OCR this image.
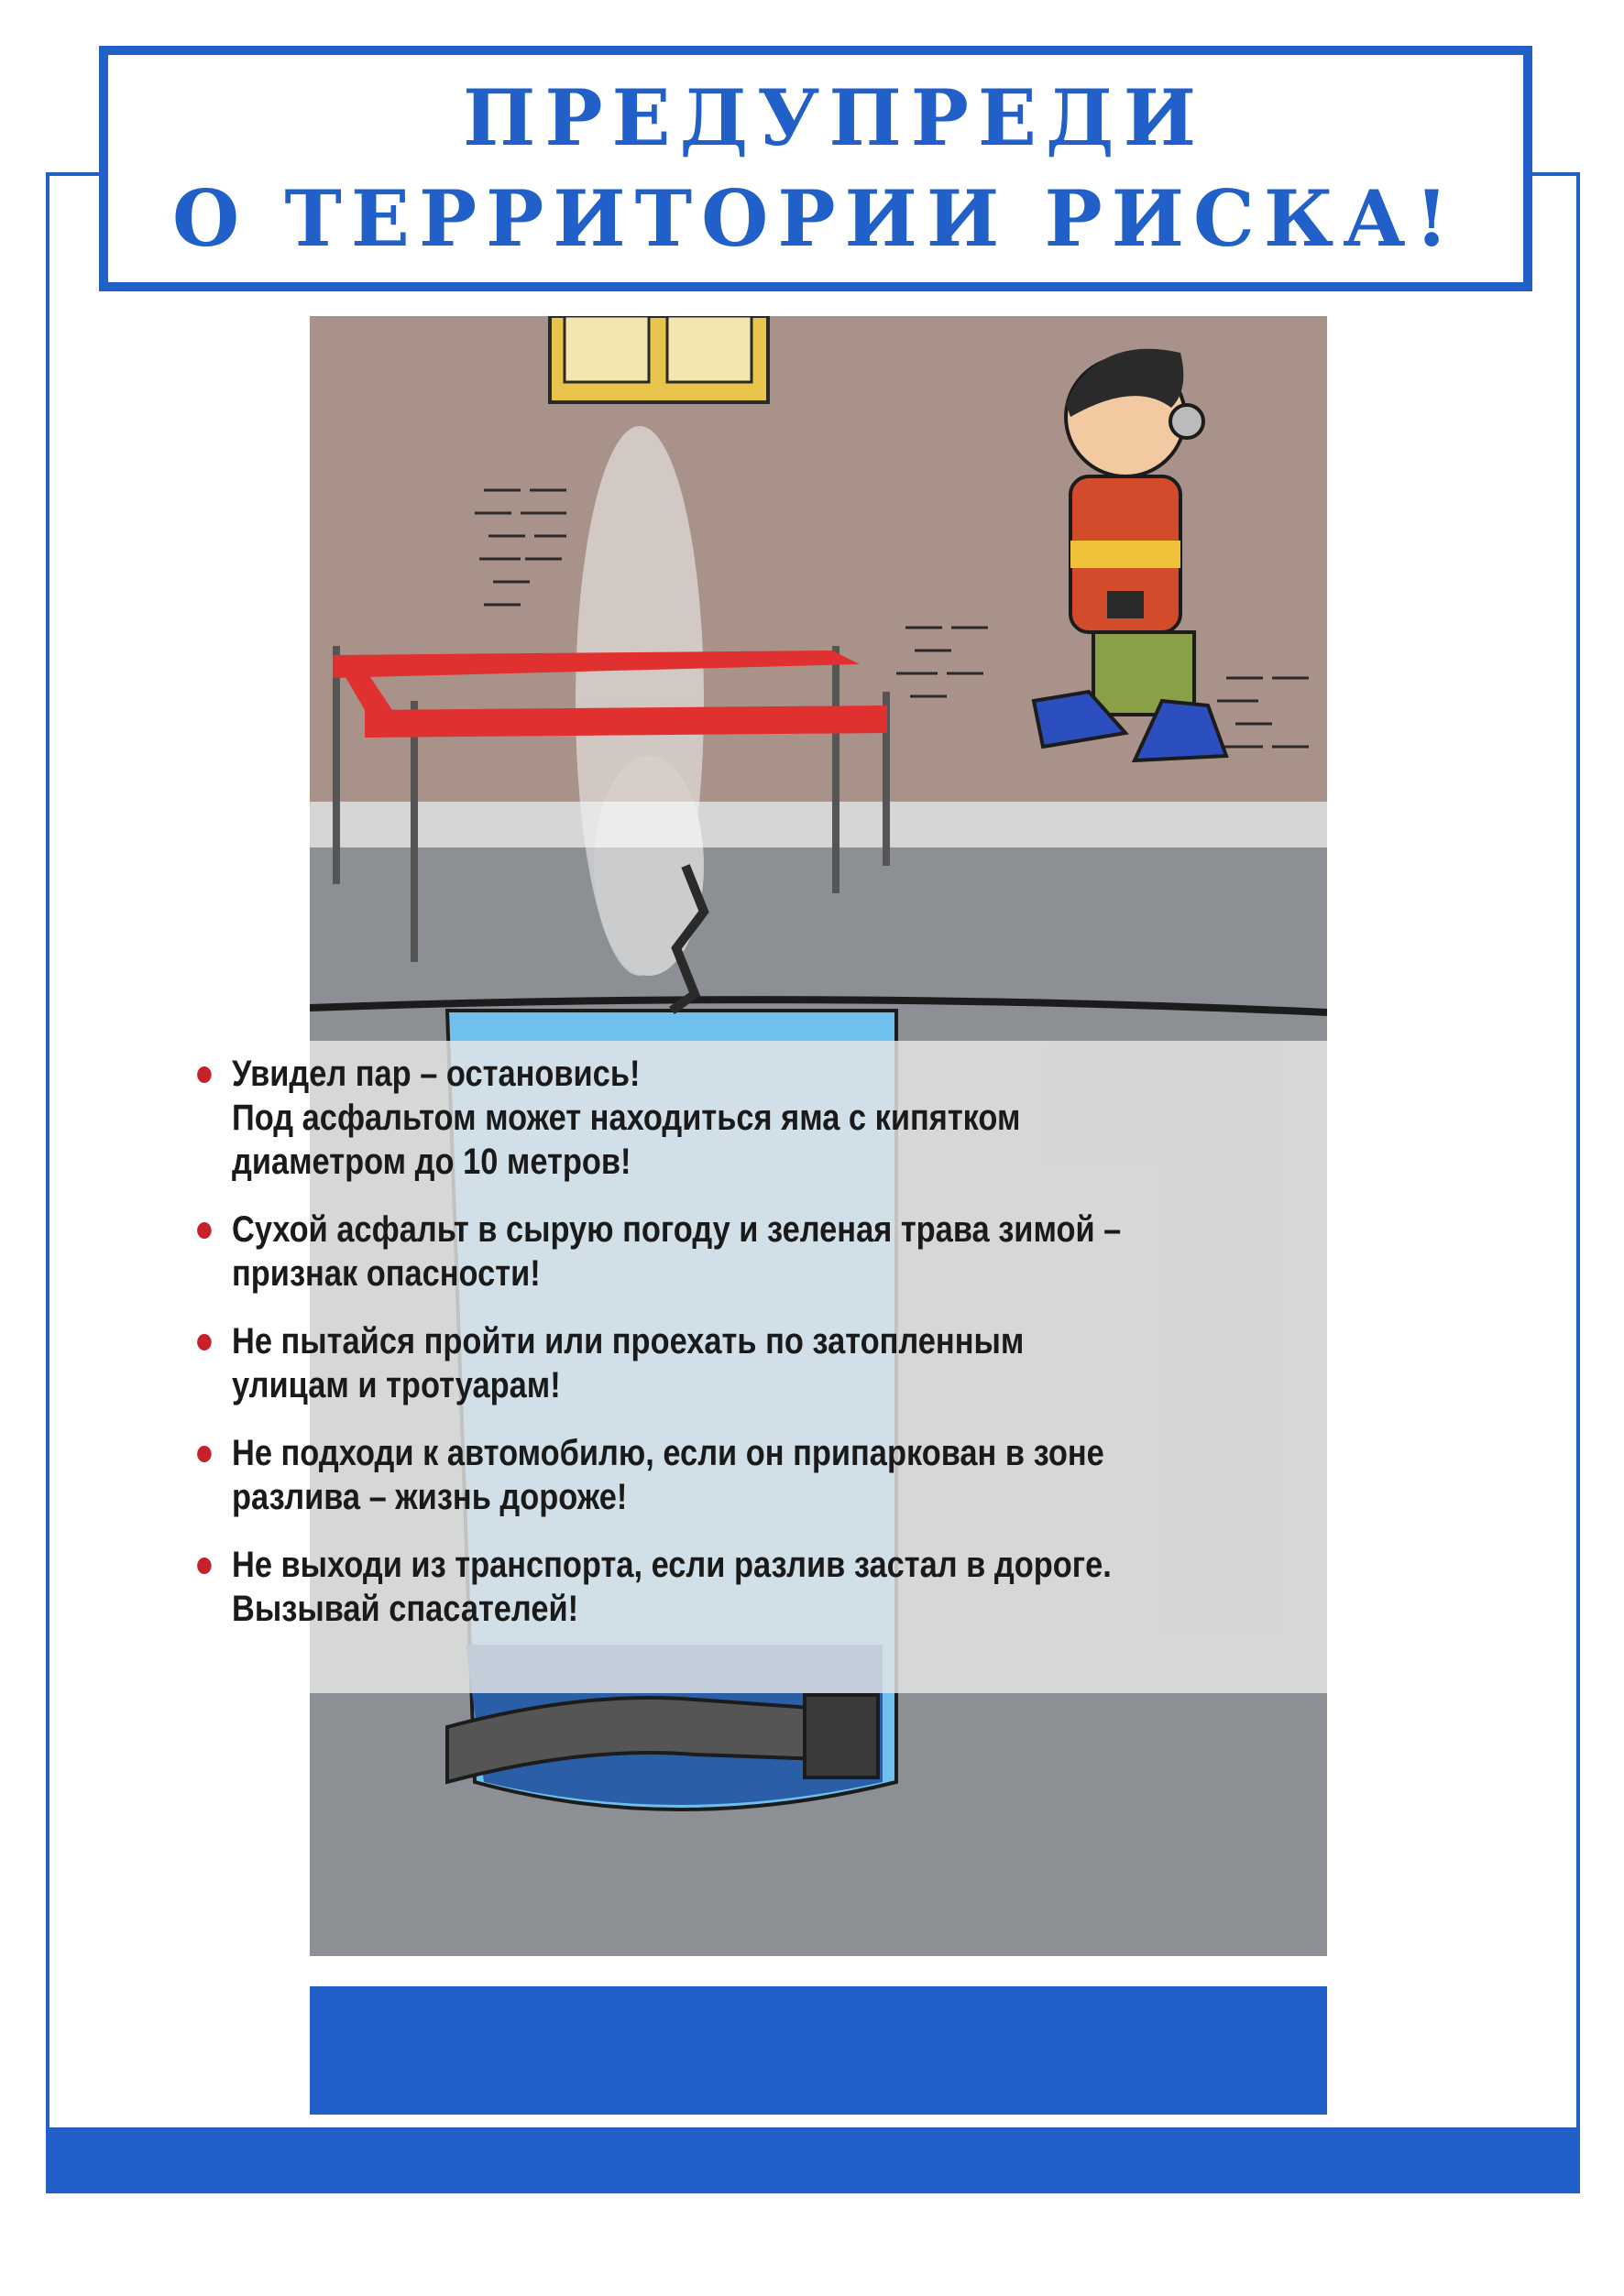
ПРЕДУПРЕДИ
О ТЕРРИТОРИИ РИСКА!
Увидел пар – остановись!
Под асфальтом может находиться яма с кипятком
диаметром до 10 метров!
Сухой асфальт в сырую погоду и зеленая трава зимой –
признак опасности!
Не пытайся пройти или проехать по затопленным
улицам и тротуарам!
Не подходи к автомобилю, если он припаркован в зоне
разлива – жизнь дороже!
Не выходи из транспорта, если разлив застал в дороге.
Вызывай спасателей!
